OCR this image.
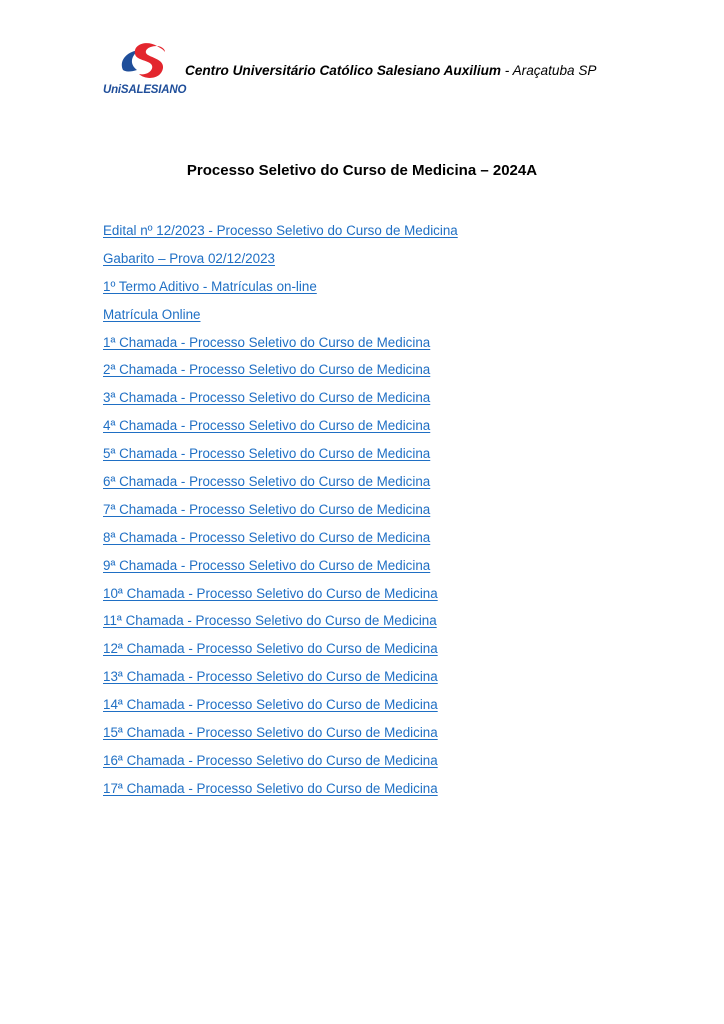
UniSALESIANO
Centro Universitário Católico Salesiano Auxilium - Araçatuba SP
Processo Seletivo do Curso de Medicina – 2024A
Edital nº 12/2023 - Processo Seletivo do Curso de Medicina
Gabarito – Prova 02/12/2023
1º Termo Aditivo - Matrículas on-line
Matrícula Online
1ª Chamada - Processo Seletivo do Curso de Medicina
2ª Chamada - Processo Seletivo do Curso de Medicina
3ª Chamada - Processo Seletivo do Curso de Medicina
4ª Chamada - Processo Seletivo do Curso de Medicina
5ª Chamada - Processo Seletivo do Curso de Medicina
6ª Chamada - Processo Seletivo do Curso de Medicina
7ª Chamada - Processo Seletivo do Curso de Medicina
8ª Chamada - Processo Seletivo do Curso de Medicina
9ª Chamada - Processo Seletivo do Curso de Medicina
10ª Chamada - Processo Seletivo do Curso de Medicina
11ª Chamada - Processo Seletivo do Curso de Medicina
12ª Chamada - Processo Seletivo do Curso de Medicina
13ª Chamada - Processo Seletivo do Curso de Medicina
14ª Chamada - Processo Seletivo do Curso de Medicina
15ª Chamada - Processo Seletivo do Curso de Medicina
16ª Chamada - Processo Seletivo do Curso de Medicina
17ª Chamada - Processo Seletivo do Curso de Medicina
